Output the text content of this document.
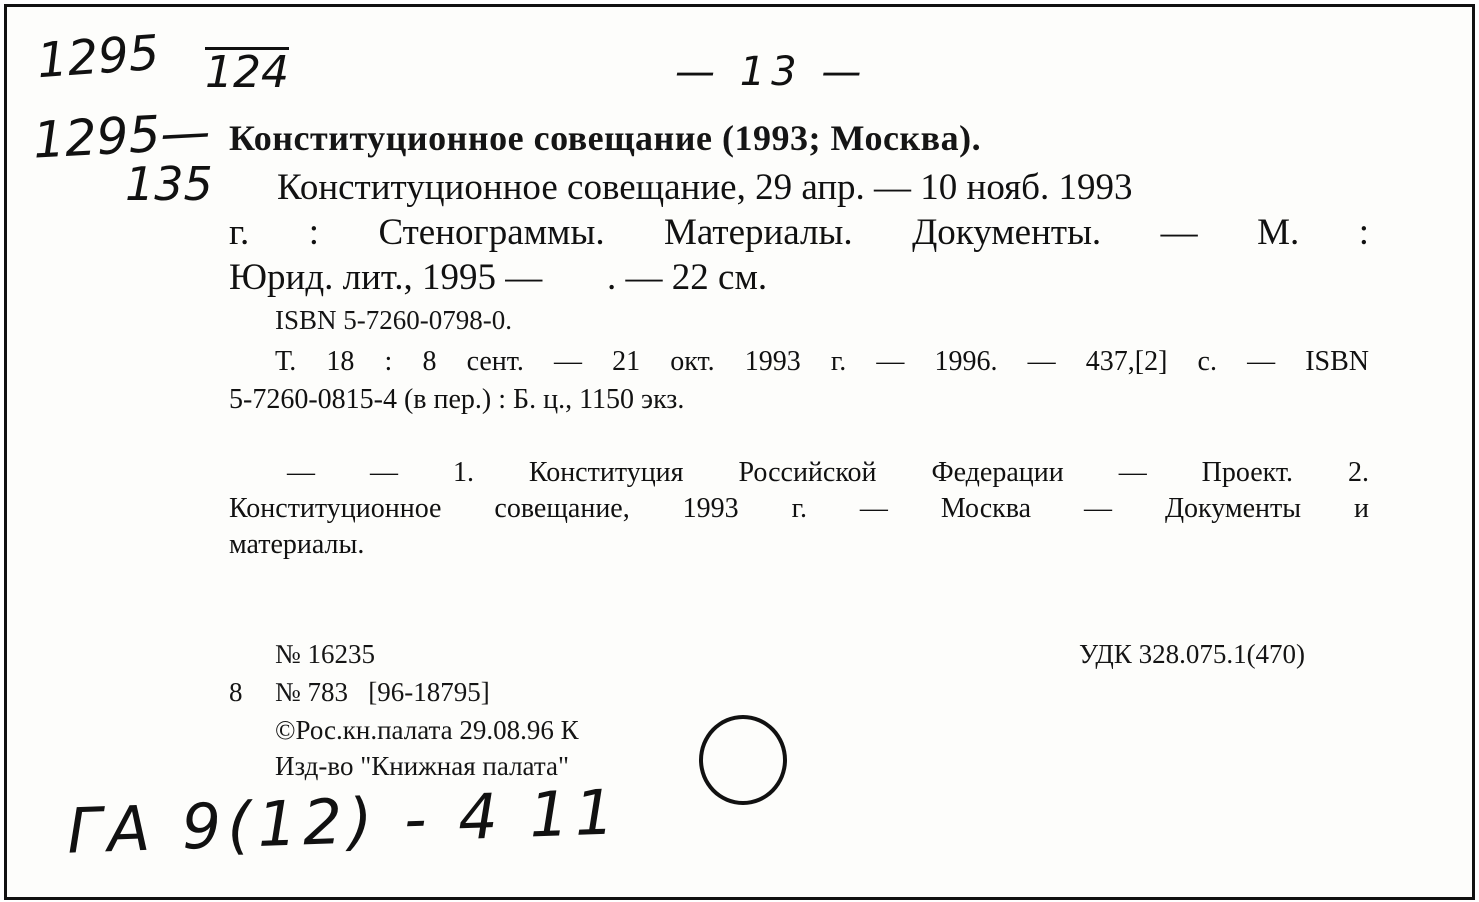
1295 124	— 13 —
1295—
135
Конституционное совещание (1993; Москва).
Конституционное совещание, 29 апр. — 10 нояб. 1993
г. : Стенограммы. Материалы. Документы. — М. :
Юрид. лит., 1995 —       . — 22 см.
ISBN 5-7260-0798-0.
Т. 18 : 8 сент. — 21 окт. 1993 г. — 1996. — 437,[2] с. — ISBN
5-7260-0815-4 (в пер.) : Б. ц., 1150 экз.
— — 1. Конституция Российской Федерации — Проект. 2.
Конституционное совещание, 1993 г. — Москва — Документы и
материалы.
№ 16235	УДК 328.075.1(470)
8 № 783   [96-18795]
©Рос.кн.палата 29.08.96 К
Изд-во "Книжная палата"
ГА 9(12) - 4 11
